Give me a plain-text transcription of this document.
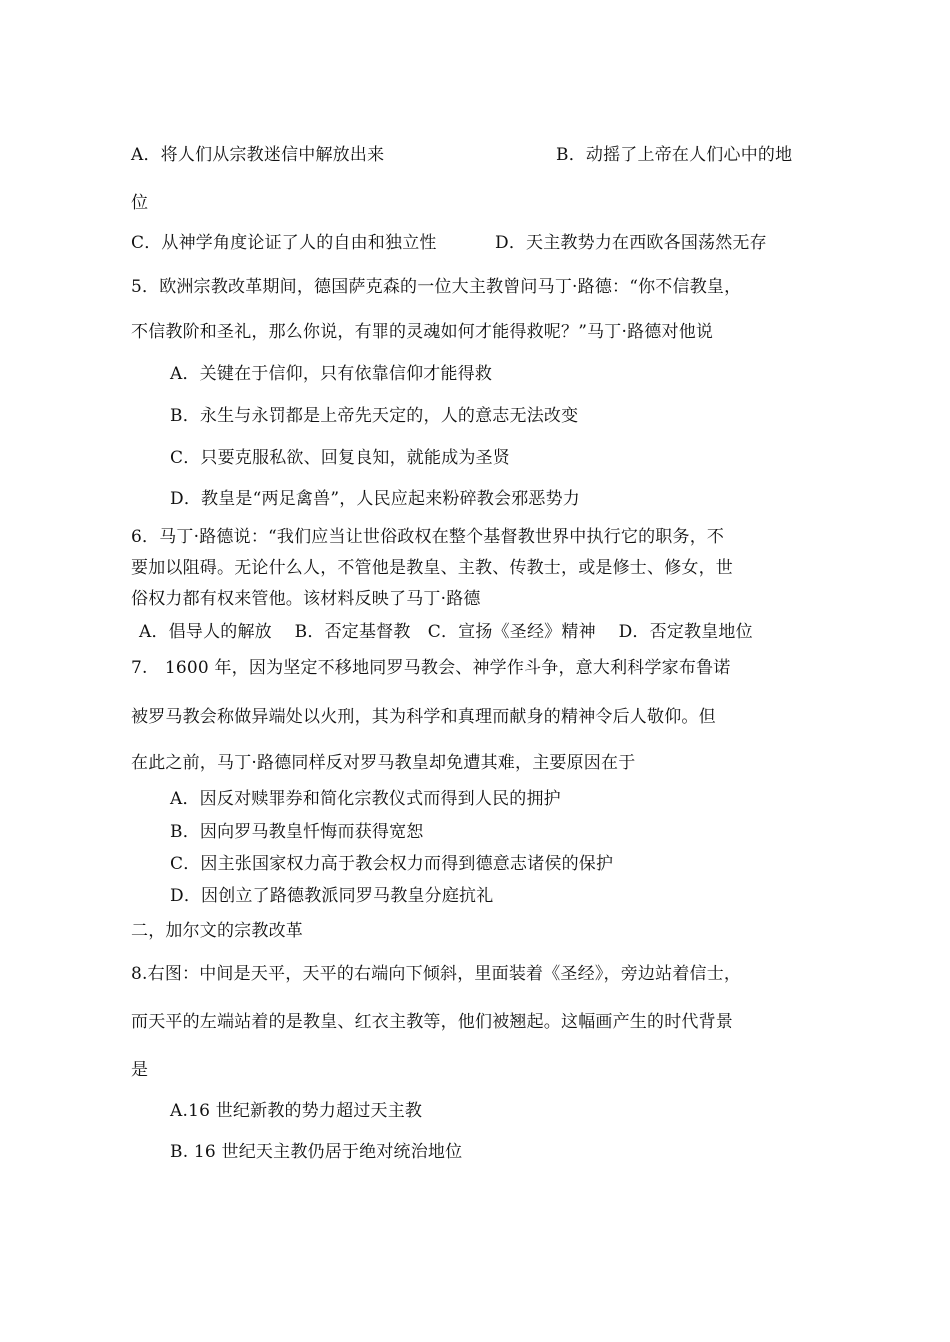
A．将人们从宗教迷信中解放出来	B．动摇了上帝在人们心中的地
位
C．从神学角度论证了人的自由和独立性	D．天主教势力在西欧各国荡然无存
5．欧洲宗教改革期间，德国萨克森的一位大主教曾问马丁·路德：“你不信教皇，
不信教阶和圣礼，那么你说，有罪的灵魂如何才能得救呢？”马丁·路德对他说
A．关键在于信仰，只有依靠信仰才能得救
B．永生与永罚都是上帝先天定的，人的意志无法改变
C．只要克服私欲、回复良知，就能成为圣贤
D．教皇是“两足禽兽”，人民应起来粉碎教会邪恶势力
6．马丁·路德说：“我们应当让世俗政权在整个基督教世界中执行它的职务，不
要加以阻碍。无论什么人，不管他是教皇、主教、传教士，或是修士、修女，世
俗权力都有权来管他。该材料反映了马丁·路德
A．倡导人的解放　 B．否定基督教　C．宣扬《圣经》精神　 D．否定教皇地位
7.　1600 年，因为坚定不移地同罗马教会、神学作斗争，意大利科学家布鲁诺
被罗马教会称做异端处以火刑，其为科学和真理而献身的精神令后人敬仰。但
在此之前，马丁·路德同样反对罗马教皇却免遭其难，主要原因在于
A．因反对赎罪券和简化宗教仪式而得到人民的拥护
B．因向罗马教皇忏悔而获得宽恕
C．因主张国家权力高于教会权力而得到德意志诸侯的保护
D．因创立了路德教派同罗马教皇分庭抗礼
二，加尔文的宗教改革
8.右图：中间是天平，天平的右端向下倾斜，里面装着《圣经》，旁边站着信士，
而天平的左端站着的是教皇、红衣主教等，他们被翘起。这幅画产生的时代背景
是
A.16 世纪新教的势力超过天主教
B. 16 世纪天主教仍居于绝对统治地位
